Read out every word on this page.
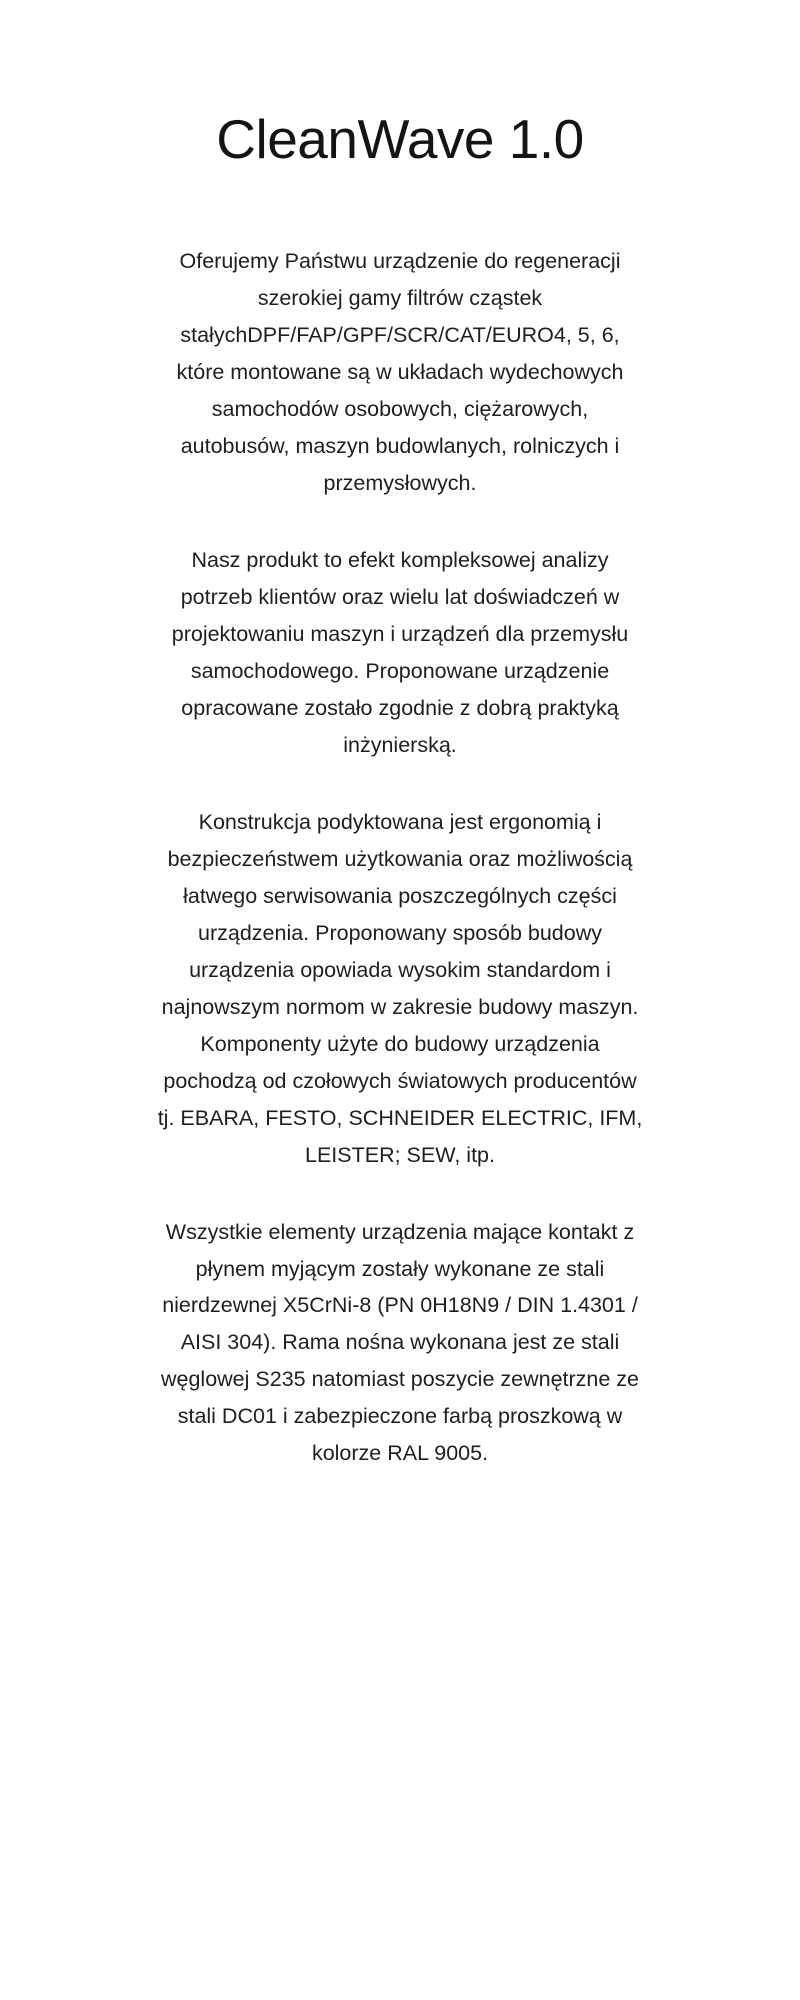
CleanWave 1.0

Oferujemy Państwu urządzenie do regeneracji szerokiej gamy filtrów cząstek stałychDPF/FAP/GPF/SCR/CAT/EURO4, 5, 6, które montowane są w układach wydechowych samochodów osobowych, ciężarowych, autobusów, maszyn budowlanych, rolniczych i przemysłowych.

Nasz produkt to efekt kompleksowej analizy potrzeb klientów oraz wielu lat doświadczeń w projektowaniu maszyn i urządzeń dla przemysłu samochodowego. Proponowane urządzenie opracowane zostało zgodnie z dobrą praktyką inżynierską.

Konstrukcja podyktowana jest ergonomią i bezpieczeństwem użytkowania oraz możliwością łatwego serwisowania poszczególnych części urządzenia. Proponowany sposób budowy urządzenia opowiada wysokim standardom i najnowszym normom w zakresie budowy maszyn. Komponenty użyte do budowy urządzenia pochodzą od czołowych światowych producentów tj. EBARA, FESTO, SCHNEIDER ELECTRIC, IFM, LEISTER; SEW, itp.

Wszystkie elementy urządzenia mające kontakt z płynem myjącym zostały wykonane ze stali nierdzewnej X5CrNi-8 (PN 0H18N9 / DIN 1.4301 / AISI 304). Rama nośna wykonana jest ze stali węglowej S235 natomiast poszycie zewnętrzne ze stali DC01 i zabezpieczone farbą proszkową w kolorze RAL 9005.
